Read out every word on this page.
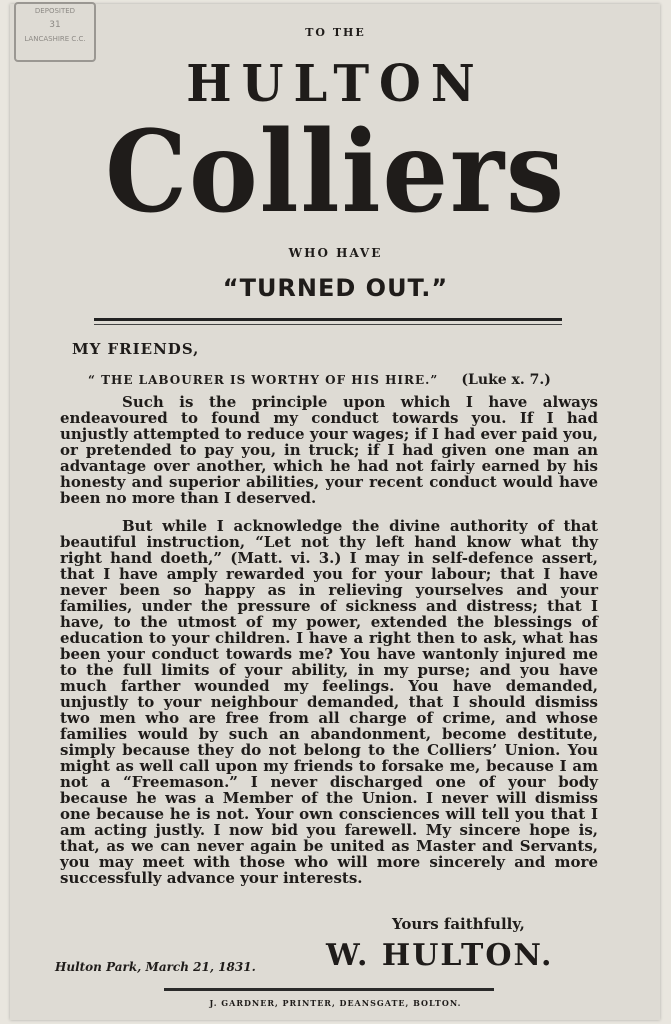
DEPOSITED
31
LANCASHIRE C.C.	TO THE
HULTON
Colliers
WHO HAVE
“TURNED OUT.”
MY FRIENDS,
“ THE LABOURER IS WORTHY OF HIS HIRE.” (Luke x. 7.)
Such is the principle upon which I have always endeavoured to found my conduct towards you. If I had unjustly attempted to reduce your wages; if I had ever paid you, or pretended to pay you, in truck; if I had given one man an advantage over another, which he had not fairly earned by his honesty and superior abilities, your recent conduct would have been no more than I deserved.
But while I acknowledge the divine authority of that beautiful instruction, “Let not thy left hand know what thy right hand doeth,” (Matt. vi. 3.) I may in self-defence assert, that I have amply rewarded you for your labour; that I have never been so happy as in relieving yourselves and your families, under the pressure of sickness and distress; that I have, to the utmost of my power, extended the blessings of education to your children. I have a right then to ask, what has been your conduct towards me? You have wantonly injured me to the full limits of your ability, in my purse; and you have much farther wounded my feelings. You have demanded, unjustly to your neighbour demanded, that I should dismiss two men who are free from all charge of crime, and whose families would by such an abandonment, become destitute, simply because they do not belong to the Colliers’ Union. You might as well call upon my friends to forsake me, because I am not a “Freemason.” I never discharged one of your body because he was a Member of the Union. I never will dismiss one because he is not. Your own consciences will tell you that I am acting justly. I now bid you farewell. My sincere hope is, that, as we can never again be united as Master and Servants, you may meet with those who will more sincerely and more successfully advance your interests.
Yours faithfully,
W. HULTON.
Hulton Park, March 21, 1831.
J. GARDNER, PRINTER, DEANSGATE, BOLTON.
